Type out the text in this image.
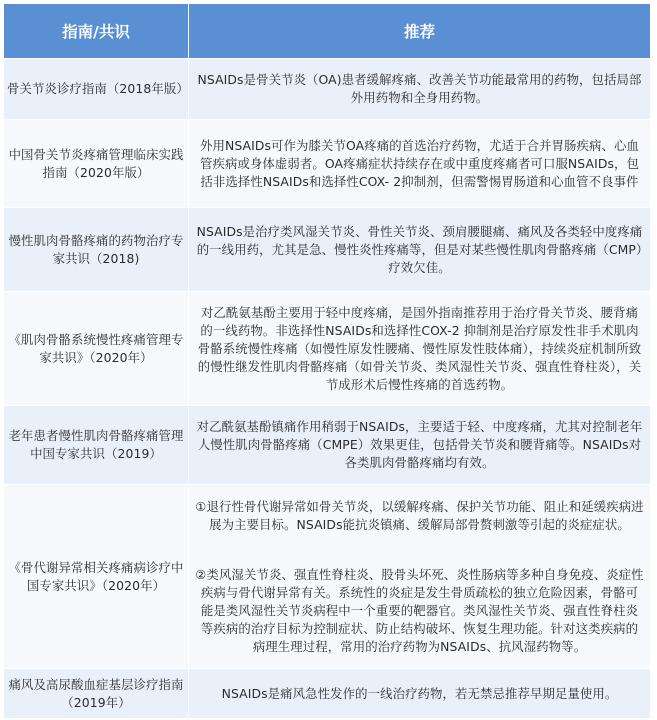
指南/共识	推荐
骨关节炎诊疗指南（2018年版）	NSAIDs是骨关节炎（OA)患者缓解疼痛、改善关节功能最常用的药物，包括局部外用药物和全身用药物。
中国骨关节炎疼痛管理临床实践指南（2020年版）	外用NSAIDs可作为膝关节OA疼痛的首选治疗药物，尤适于合并胃肠疾病、心血管疾病或身体虚弱者。OA疼痛症状持续存在或中重度疼痛者可口服NSAIDs，包括非选择性NSAIDs和选择性COX- 2抑制剂，但需警惕胃肠道和心血管不良事件
慢性肌肉骨骼疼痛的药物治疗专家共识（2018)	NSAIDs是治疗类风湿关节炎、骨性关节炎、颈肩腰腿痛、痛风及各类轻中度疼痛的一线用药，尤其是急、慢性炎性疼痛等，但是对某些慢性肌肉骨骼疼痛（CMP）疗效欠佳。
《肌肉骨骼系统慢性疼痛管理专家共识》（2020年）	对乙酰氨基酚主要用于轻中度疼痛，是国外指南推荐用于治疗骨关节炎、腰背痛的一线药物。非选择性NSAIDs和选择性COX-2 抑制剂是治疗原发性非手术肌肉骨骼系统慢性疼痛（如慢性原发性腰痛、慢性原发性肢体痛），持续炎症机制所致的慢性继发性肌肉骨骼疼痛（如骨关节炎、类风湿性关节炎、强直性脊柱炎），关节成形术后慢性疼痛的首选药物。
老年患者慢性肌肉骨骼疼痛管理中国专家共识（2019）	对乙酰氨基酚镇痛作用稍弱于NSAIDs，主要适于轻、中度疼痛，尤其对控制老年人慢性肌肉骨骼疼痛（CMPE）效果更佳，包括骨关节炎和腰背痛等。NSAIDs对各类肌肉骨骼疼痛均有效。
《骨代谢异常相关疼痛病诊疗中国专家共识》（2020年）	①退行性骨代谢异常如骨关节炎，以缓解疼痛、保护关节功能、阻止和延缓疾病进展为主要目标。NSAIDs能抗炎镇痛、缓解局部骨赘刺激等引起的炎症症状。
②类风湿关节炎、强直性脊柱炎、股骨头坏死、炎性肠病等多种自身免疫、炎症性疾病与骨代谢异常有关。系统性的炎症是发生骨质疏松的独立危险因素，骨骼可能是类风湿性关节炎病程中一个重要的靶器官。类风湿性关节炎、强直性脊柱炎等疾病的治疗目标为控制症状、防止结构破坏、恢复生理功能。针对这类疾病的病理生理过程，常用的治疗药物为NSAIDs、抗风湿药物等。

痛风及高尿酸血症基层诊疗指南（2019年）	NSAIDs是痛风急性发作的一线治疗药物，若无禁忌推荐早期足量使用。
